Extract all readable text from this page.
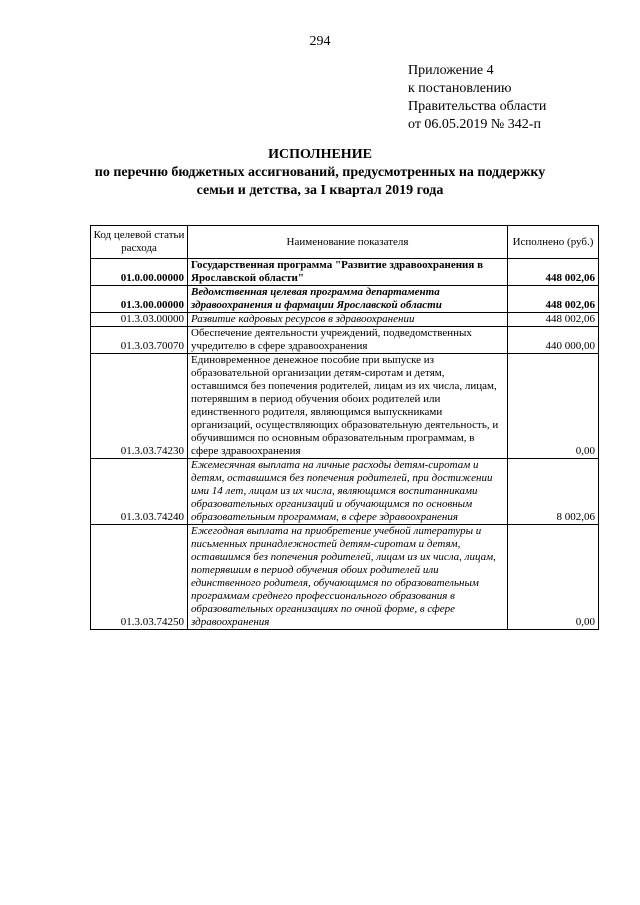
294
Приложение 4
к постановлению
Правительства области
от 06.05.2019 № 342-п
ИСПОЛНЕНИЕ
по перечню бюджетных ассигнований, предусмотренных на поддержку
семьи и детства, за I квартал 2019 года
Код целевой статьи расхода	Наименование показателя	Исполнено (руб.)
01.0.00.00000	Государственная программа "Развитие здравоохранения в Ярославской области"	448 002,06
01.3.00.00000	Ведомственная целевая программа департамента здравоохранения и фармации Ярославской области	448 002,06
01.3.03.00000	Развитие кадровых ресурсов в здравоохранении	448 002,06
01.3.03.70070	Обеспечение деятельности учреждений, подведомственных учредителю в сфере здравоохранения	440 000,00
01.3.03.74230	Единовременное денежное пособие при выпуске из образовательной организации детям-сиротам и детям, оставшимся без попечения родителей, лицам из их числа, лицам, потерявшим в период обучения обоих родителей или единственного родителя, являющимся выпускниками организаций, осуществляющих образовательную деятельность, и обучившимся по основным образовательным программам, в сфере здравоохранения	0,00
01.3.03.74240	Ежемесячная выплата на личные расходы детям-сиротам и детям, оставшимся без попечения родителей, при достижении ими 14 лет, лицам из их числа, являющимся воспитанниками образовательных организаций и обучающимся по основным образовательным программам, в сфере здравоохранения	8 002,06
01.3.03.74250	Ежегодная выплата на приобретение учебной литературы и письменных принадлежностей детям-сиротам и детям, оставшимся без попечения родителей, лицам из их числа, лицам, потерявшим в период обучения обоих родителей или единственного родителя, обучающимся по образовательным программам среднего профессионального образования в образовательных организациях по очной форме, в сфере здравоохранения	0,00
